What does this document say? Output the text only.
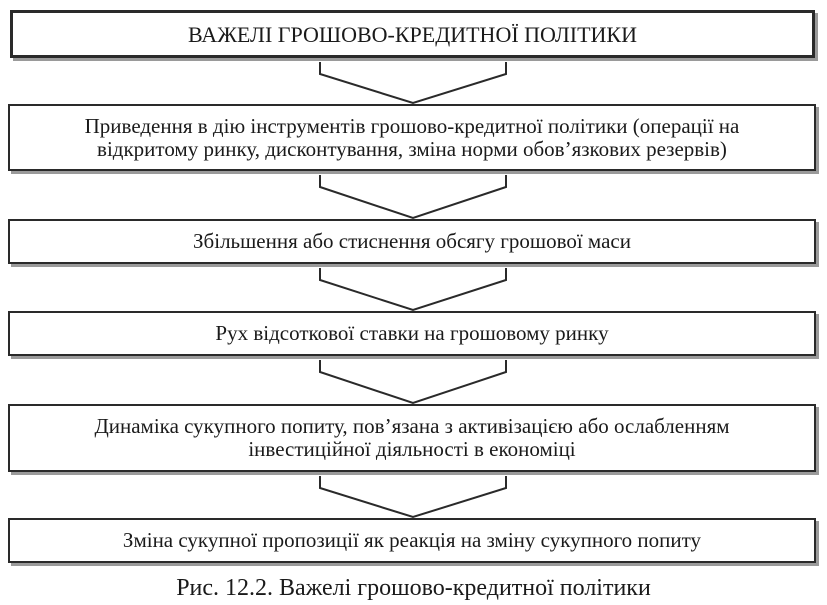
ВАЖЕЛІ ГРОШОВО-КРЕДИТНОЇ ПОЛІТИКИ
Приведення в дію інструментів грошово-кредитної політики (операції на
відкритому ринку, дисконтування, зміна норми обов’язкових резервів)
Збільшення або стиснення обсягу грошової маси
Рух відсоткової ставки на грошовому ринку
Динаміка сукупного попиту, пов’язана з активізацією або ослабленням
інвестиційної діяльності в економіці
Зміна сукупної пропозиції як реакція на зміну сукупного попиту
Рис. 12.2. Важелі грошово-кредитної політики
